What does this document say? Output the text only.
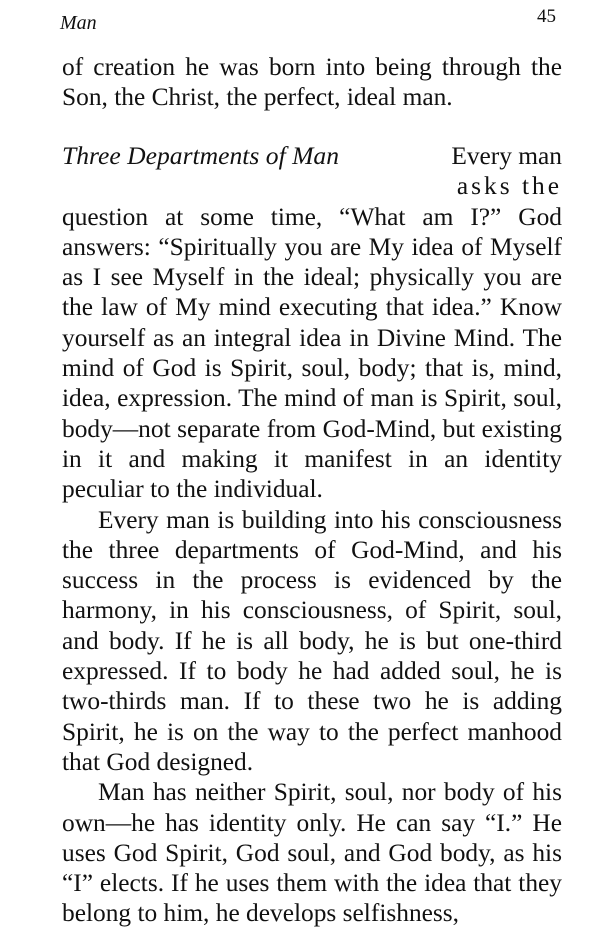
Man	45

of creation he was born into being through the Son, the Christ, the perfect, ideal man.

Three Departments of Man	Every man
asks the

question at some time, “What am I?” God answers: “Spiritually you are My idea of Myself as I see Myself in the ideal; physically you are the law of My mind executing that idea.” Know yourself as an integral idea in Divine Mind. The mind of God is Spirit, soul, body; that is, mind, idea, expression. The mind of man is Spirit, soul, body—not separate from God-Mind, but existing in it and making it manifest in an identity peculiar to the individual.

Every man is building into his consciousness the three departments of God-Mind, and his success in the process is evidenced by the harmony, in his consciousness, of Spirit, soul, and body. If he is all body, he is but one-third expressed. If to body he had added soul, he is two-thirds man. If to these two he is adding Spirit, he is on the way to the perfect manhood that God designed.

Man has neither Spirit, soul, nor body of his own—he has identity only. He can say “I.” He uses God Spirit, God soul, and God body, as his “I” elects. If he uses them with the idea that they belong to him, he develops selfishness,
